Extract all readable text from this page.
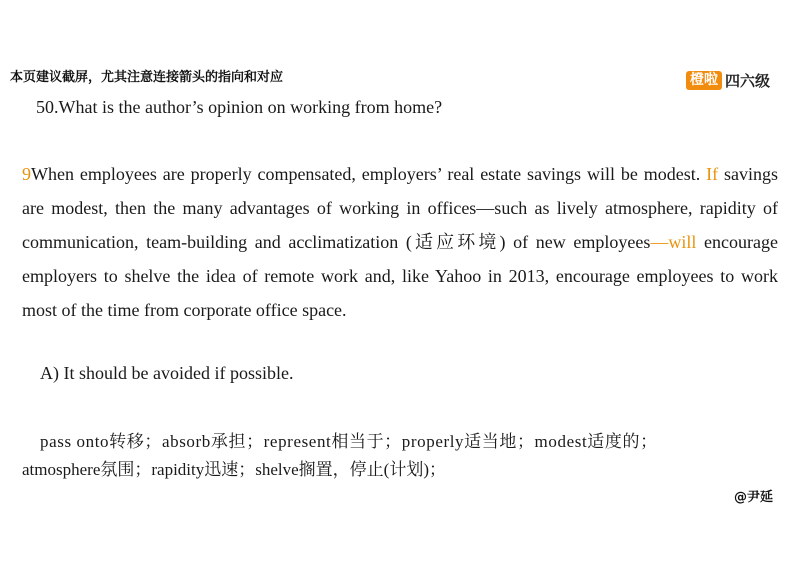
本页建议截屏，尤其注意连接箭头的指向和对应	橙啦 四六级
50.What is the author’s opinion on working from home?
9When employees are properly compensated, employers’ real estate savings will be modest. If savings are modest, then the many advantages of working in offices—such as lively atmosphere, rapidity of communication, team-building and acclimatization (适应环境) of new employees—will encourage employers to shelve the idea of remote work and, like Yahoo in 2013, encourage employees to work most of the time from corporate office space.
A) It should be avoided if possible.
pass onto转移；absorb承担；represent相当于；properly适当地；modest适度的；
atmosphere氛围；rapidity迅速；shelve搁置，停止(计划)；
@尹延
